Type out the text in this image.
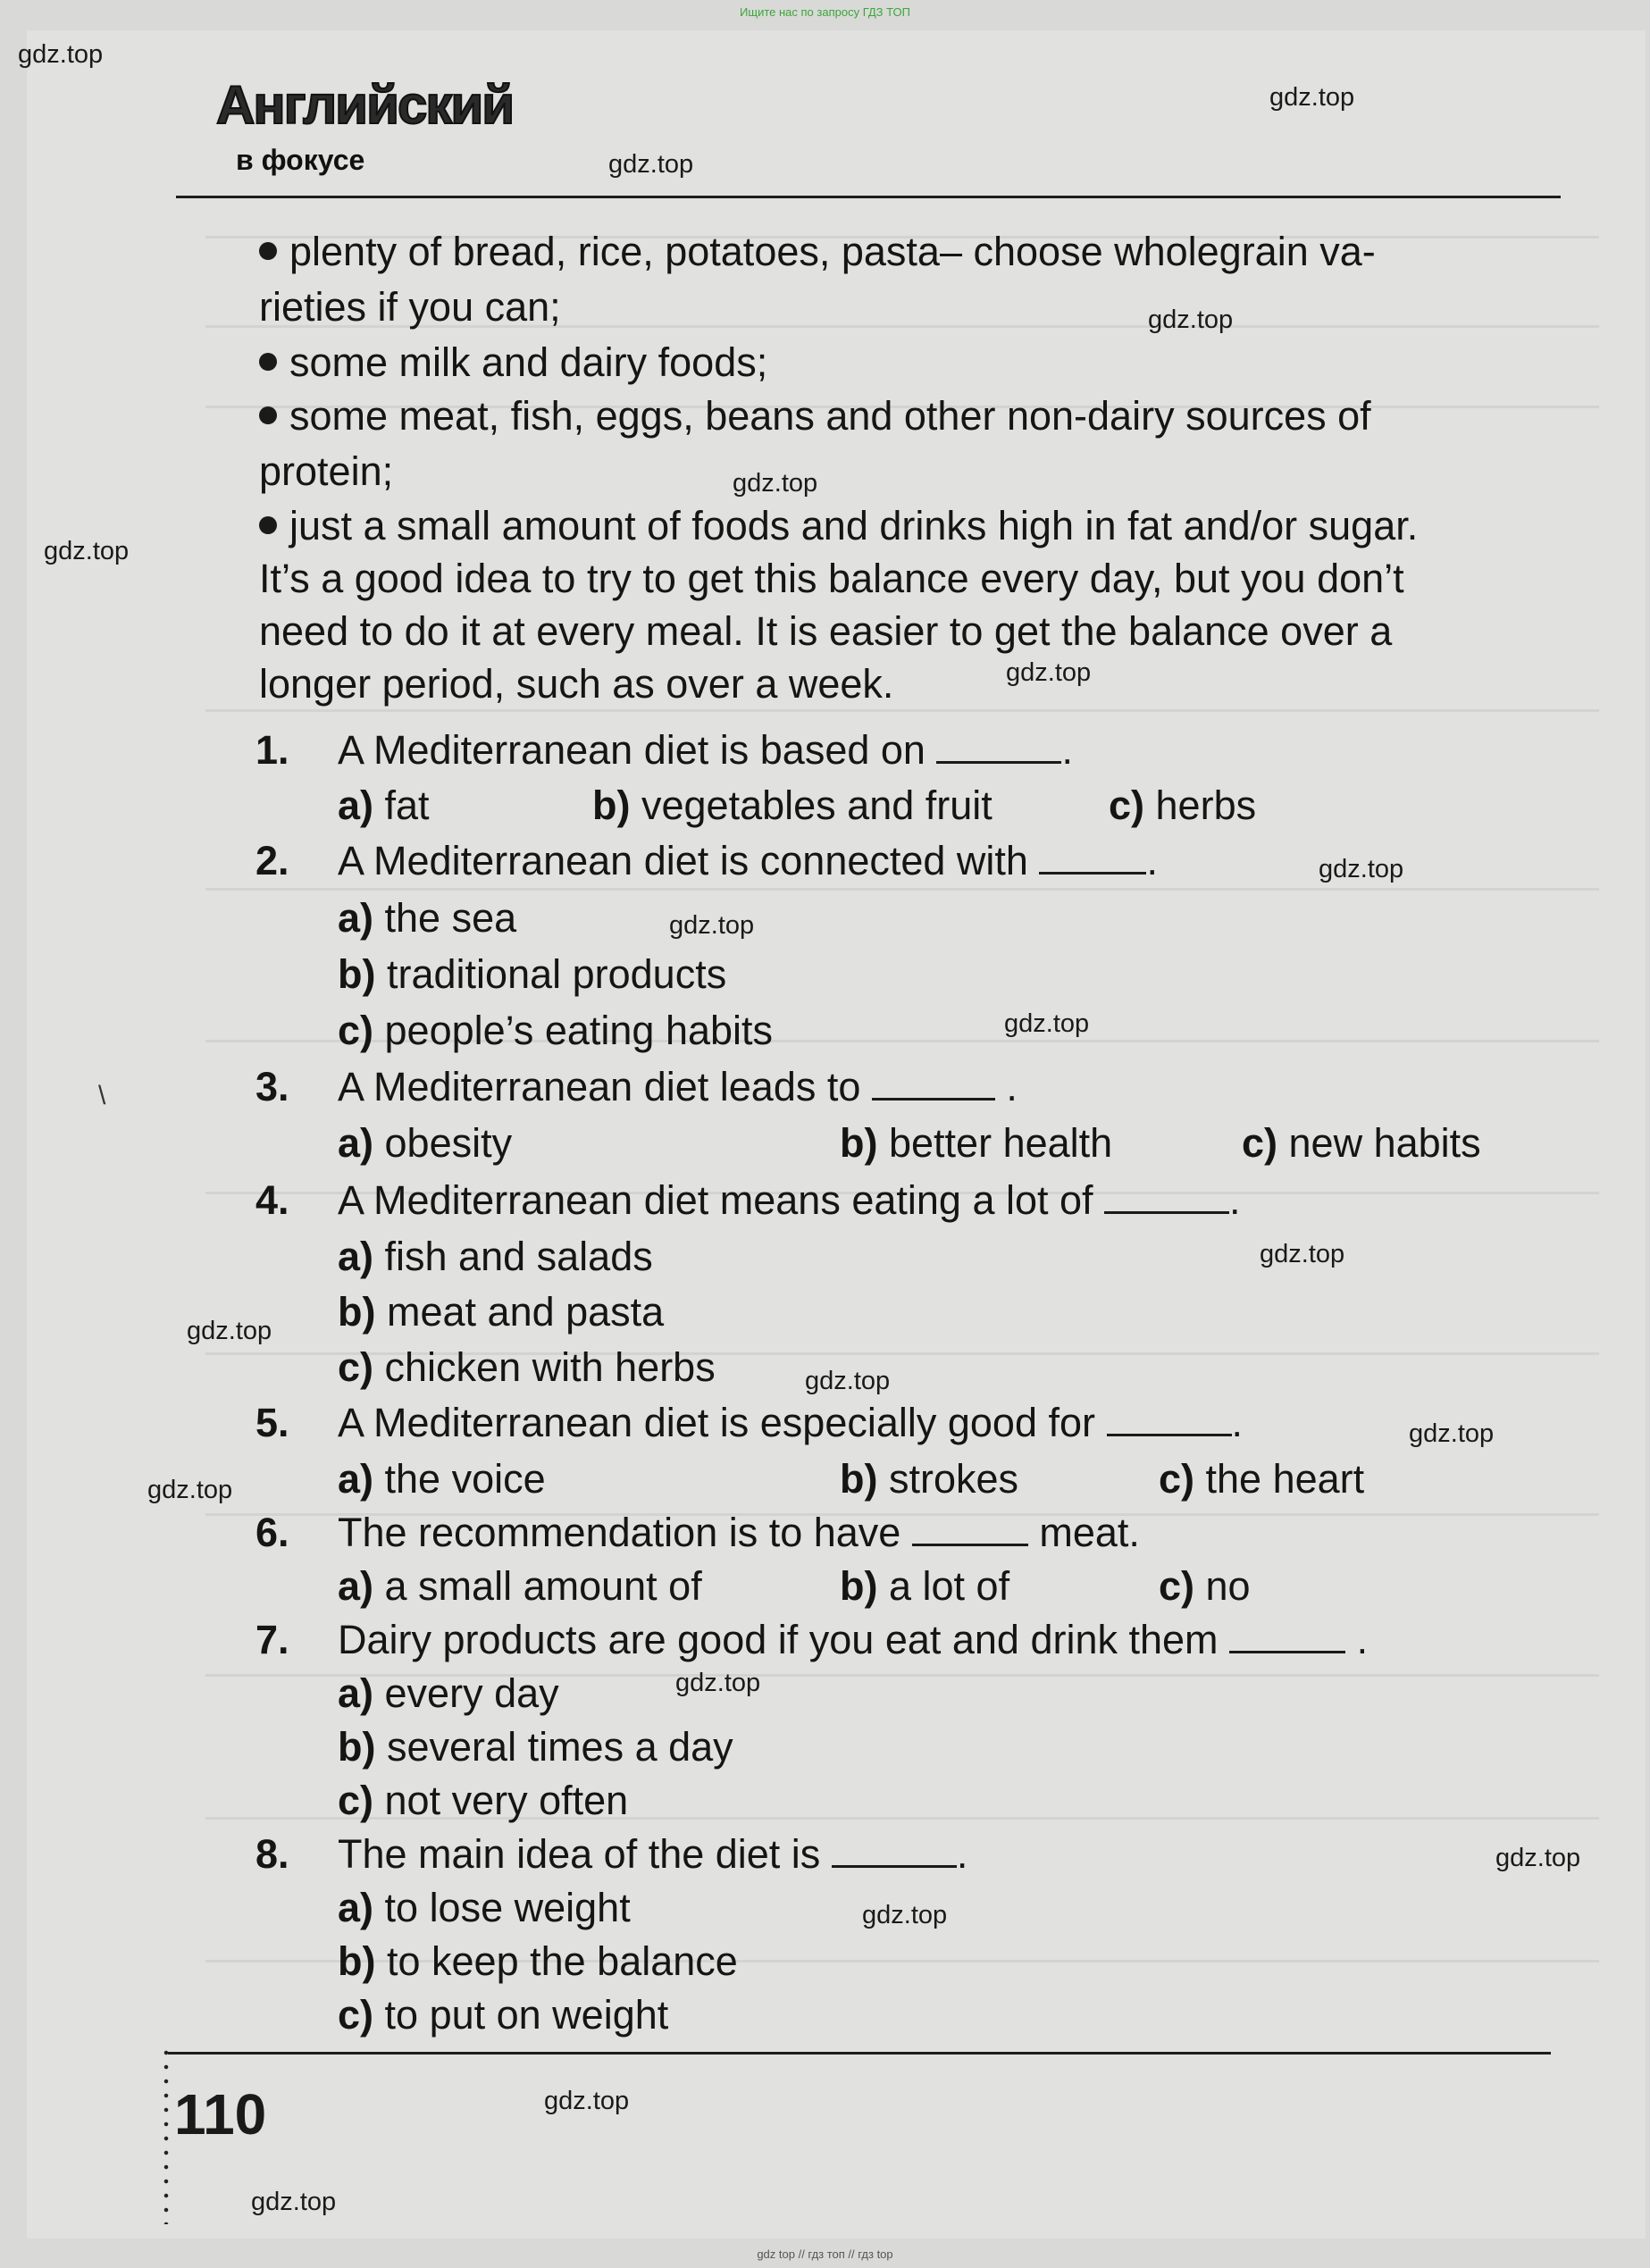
Ищите нас по запросу ГДЗ ТОП
Английский
в фокусе
gdz.top
gdz.top
gdz.top
gdz.top
gdz.top
gdz.top
gdz.top
gdz.top
gdz.top
gdz.top
gdz.top
gdz.top
gdz.top
gdz.top
gdz.top
gdz.top
gdz.top
gdz.top
gdz.top
gdz.top
plenty of bread, rice, potatoes, pasta– choose wholegrain va-
rieties if you can;
some milk and dairy foods;
some meat, fish, eggs, beans and other non-dairy sources of
protein;
just a small amount of foods and drinks high in fat and/or sugar.
It’s a good idea to try to get this balance every day, but you don’t
need to do it at every meal. It is easier to get the balance over a
longer period, such as over a week.
1. A Mediterranean diet is based on	.
a) fat	b) vegetables and fruit	c) herbs
2. A Mediterranean diet is connected with	.
a) the sea
b) traditional products
c) people’s eating habits
3. A Mediterranean diet leads to	.
a) obesity	b) better health	c) new habits
4. A Mediterranean diet means eating a lot of	.
a) fish and salads
b) meat and pasta
c) chicken with herbs
5. A Mediterranean diet is especially good for	.
a) the voice	b) strokes	c) the heart
6. The recommendation is to have	meat.
a) a small amount of	b) a lot of	c) no
7. Dairy products are good if you eat and drink them	.
a) every day
b) several times a day
c) not very often
8. The main idea of the diet is	.
a) to lose weight
b) to keep the balance
c) to put on weight
110
\
gdz top // гдз топ // гдз top
